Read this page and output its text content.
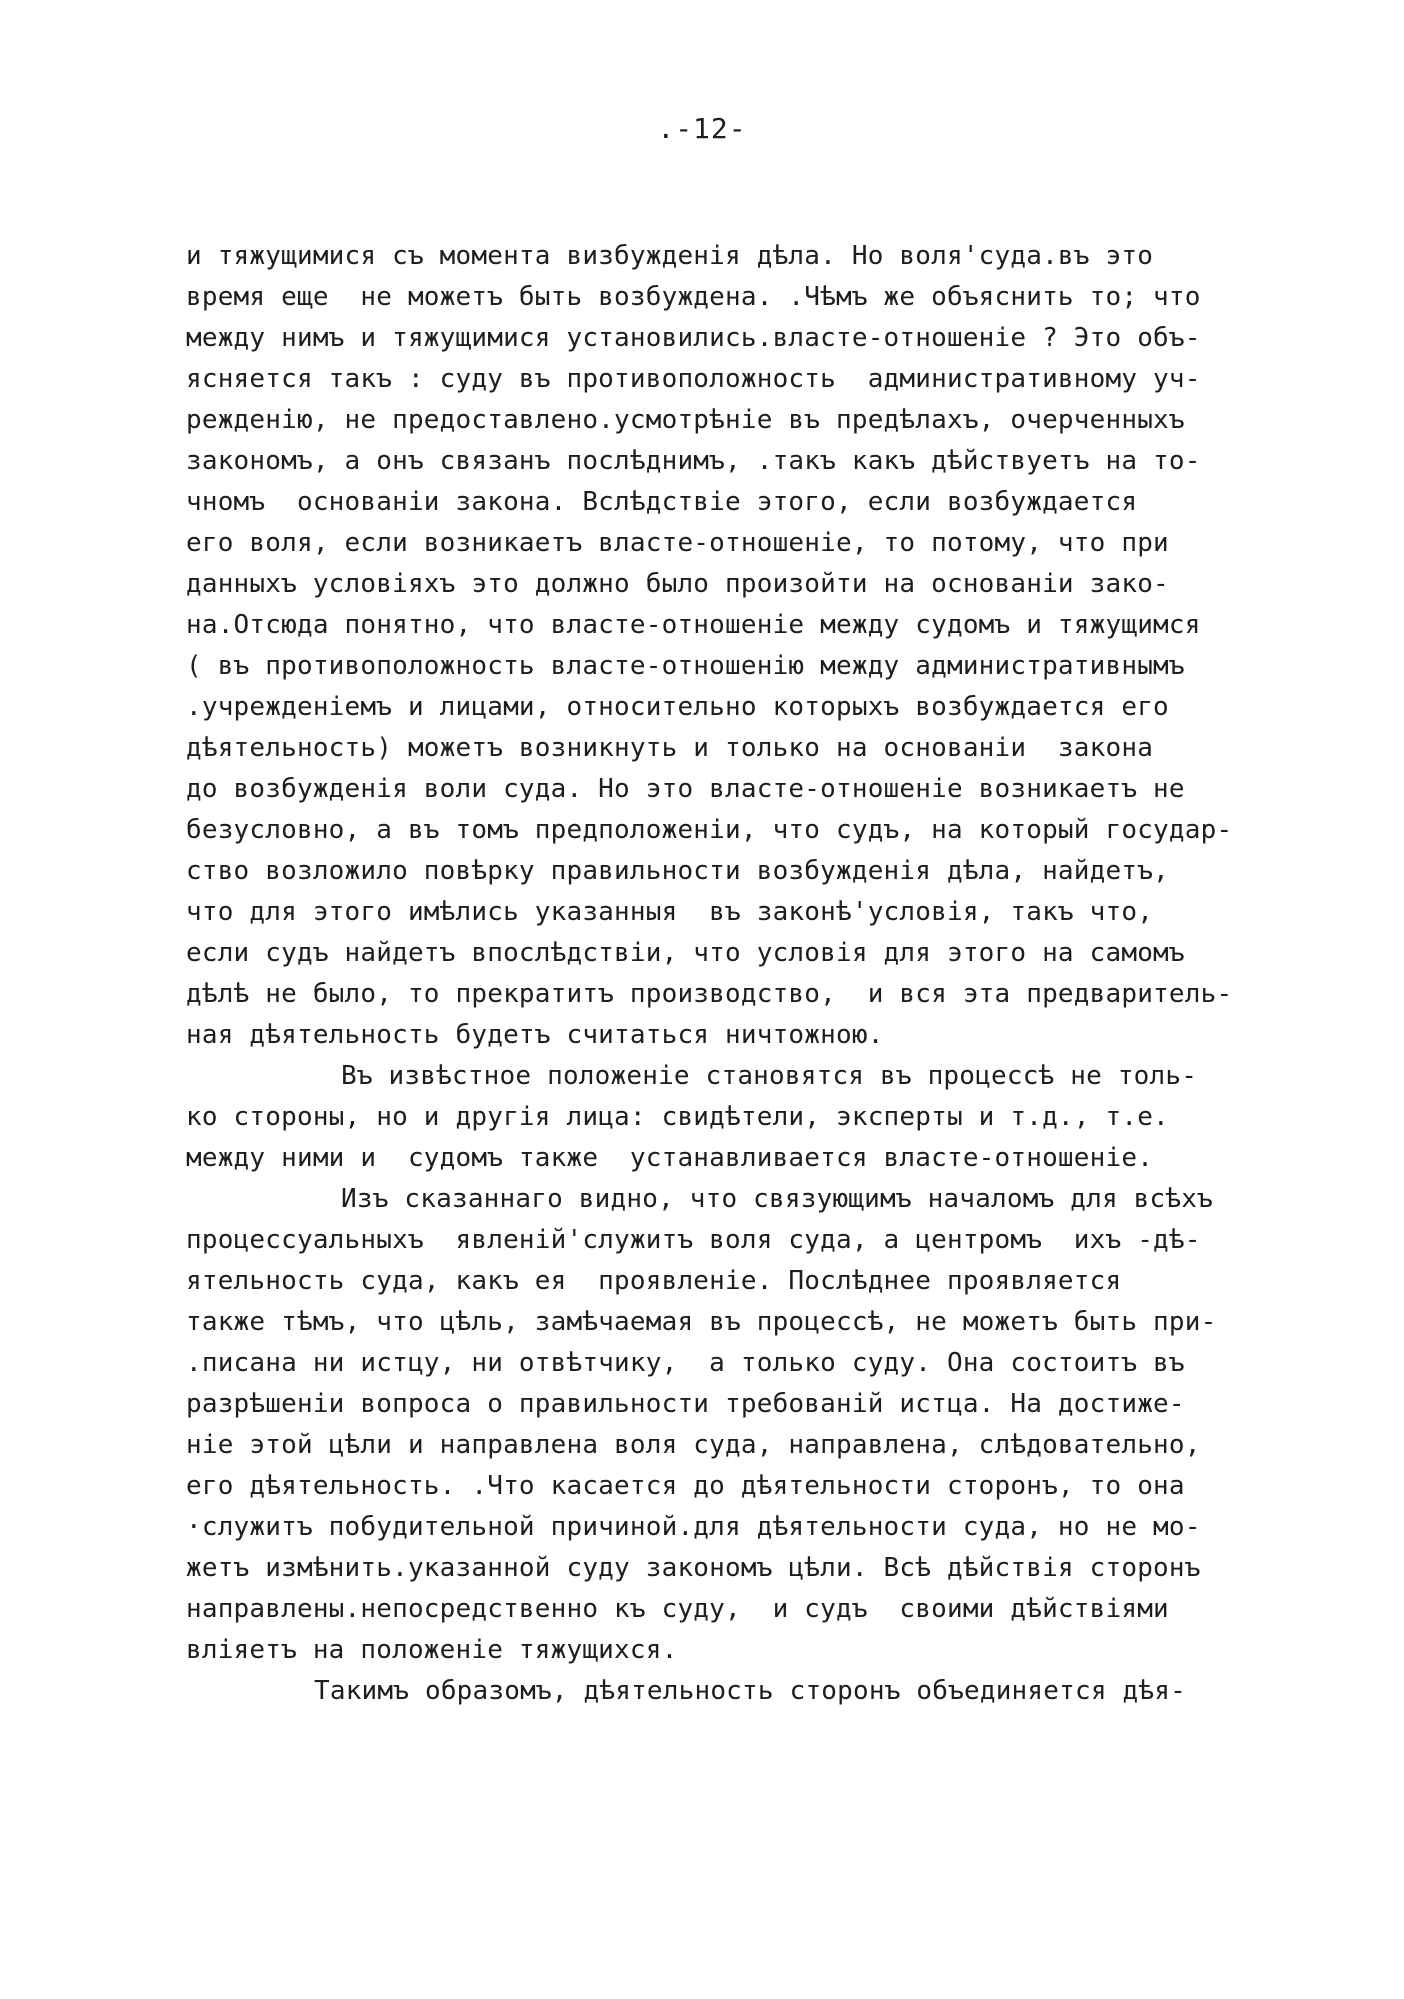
.-12-
и тяжущимися съ момента визбужденія дѣла. Но воля'суда.въ это
время еще  не можетъ быть возбуждена. .Чѣмъ же объяснить то; что
между нимъ и тяжущимися установились.власте-отношеніе ? Это объ-
ясняется такъ : суду въ противоположность  административному уч-
режденію, не предоставлено.усмотрѣніе въ предѣлахъ, очерченныхъ
закономъ, а онъ связанъ послѣднимъ, .такъ какъ дѣйствуетъ на то-
чномъ  основаніи закона. Вслѣдствіе этого, если возбуждается
его воля, если возникаетъ власте-отношеніе, то потому, что при
данныхъ условіяхъ это должно было произойти на основаніи зако-
на.Отсюда понятно, что власте-отношеніе между судомъ и тяжущимся
( въ противоположность власте-отношенію между административнымъ
.учрежденіемъ и лицами, относительно которыхъ возбуждается его
дѣятельность) можетъ возникнуть и только на основаніи  закона
до возбужденія воли суда. Но это власте-отношеніе возникаетъ не
безусловно, а въ томъ предположеніи, что судъ, на который государ-
ство возложило повѣрку правильности возбужденія дѣла, найдетъ,
что для этого имѣлись указанныя  въ законѣ'условія, такъ что,
если судъ найдетъ впослѣдствіи, что условія для этого на самомъ
дѣлѣ не было, то прекратитъ производство,  и вся эта предваритель-
ная дѣятельность будетъ считаться ничтожною.
Въ извѣстное положеніе становятся въ процессѣ не толь-
ко стороны, но и другія лица: свидѣтели, эксперты и т.д., т.е.
между ними и  судомъ также  устанавливается власте-отношеніе.
Изъ сказаннаго видно, что связующимъ началомъ для всѣхъ
процессуальныхъ  явленій'служитъ воля суда, а центромъ  ихъ -дѣ-
ятельность суда, какъ ея  проявленіе. Послѣднее проявляется
также тѣмъ, что цѣль, замѣчаемая въ процессѣ, не можетъ быть при-
.писана ни истцу, ни отвѣтчику,  а только суду. Она состоитъ въ
разрѣшеніи вопроса о правильности требованій истца. На достиже-
ніе этой цѣли и направлена воля суда, направлена, слѣдовательно,
его дѣятельность. .Что касается до дѣятельности сторонъ, то она
·служитъ побудительной причиной.для дѣятельности суда, но не мо-
жетъ измѣнить.указанной суду закономъ цѣли. Всѣ дѣйствія сторонъ
направлены.непосредственно къ суду,  и судъ  своими дѣйствіями
вліяетъ на положеніе тяжущихся.
Такимъ образомъ, дѣятельность сторонъ объединяется дѣя-
